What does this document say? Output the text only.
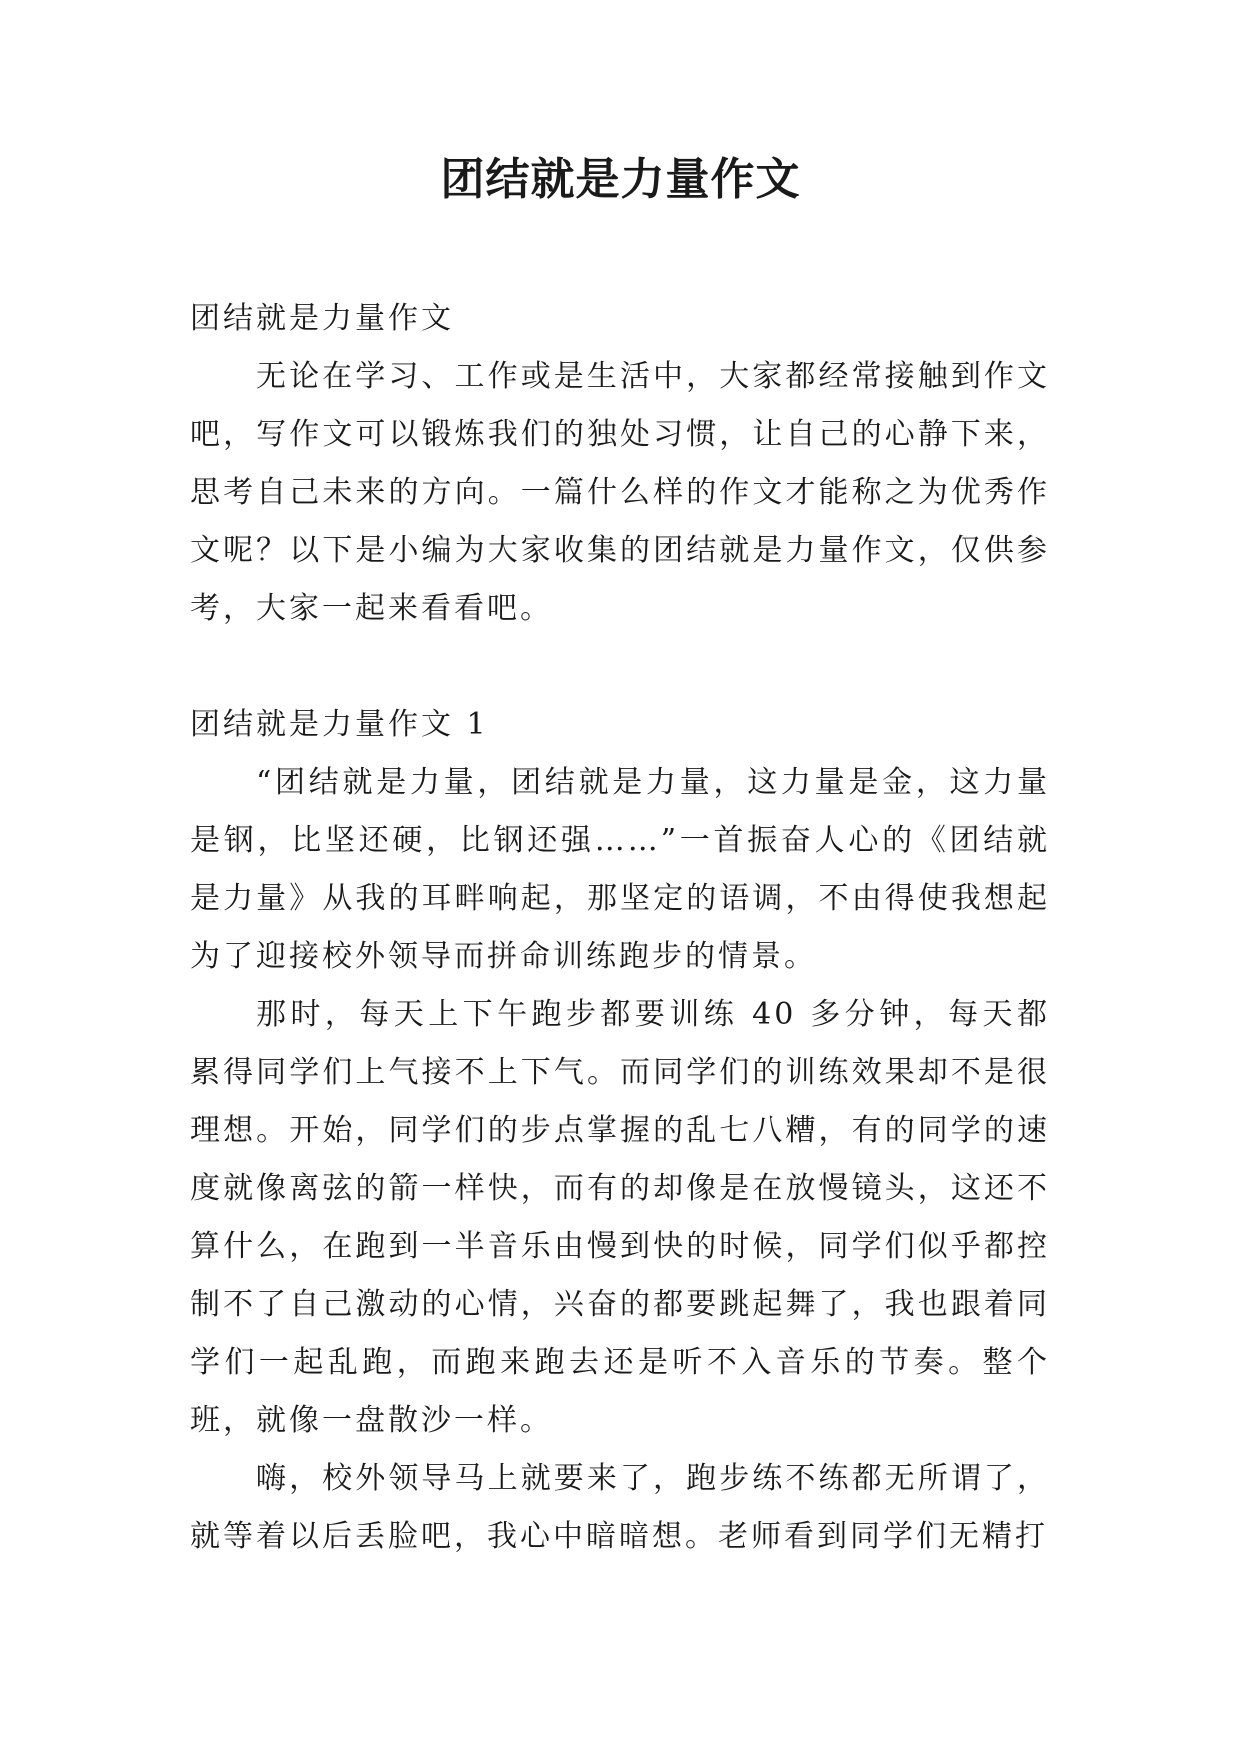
团结就是力量作文

团结就是力量作文

无论在学习、工作或是生活中，大家都经常接触到作文吧，写作文可以锻炼我们的独处习惯，让自己的心静下来，思考自己未来的方向。一篇什么样的作文才能称之为优秀作文呢？以下是小编为大家收集的团结就是力量作文，仅供参考，大家一起来看看吧。

团结就是力量作文 1

“团结就是力量，团结就是力量，这力量是金，这力量是钢，比坚还硬，比钢还强……”一首振奋人心的《团结就是力量》从我的耳畔响起，那坚定的语调，不由得使我想起为了迎接校外领导而拼命训练跑步的情景。

那时，每天上下午跑步都要训练 40 多分钟，每天都累得同学们上气接不上下气。而同学们的训练效果却不是很理想。开始，同学们的步点掌握的乱七八糟，有的同学的速度就像离弦的箭一样快，而有的却像是在放慢镜头，这还不算什么，在跑到一半音乐由慢到快的时候，同学们似乎都控制不了自己激动的心情，兴奋的都要跳起舞了，我也跟着同学们一起乱跑，而跑来跑去还是听不入音乐的节奏。整个班，就像一盘散沙一样。

嗨，校外领导马上就要来了，跑步练不练都无所谓了，就等着以后丢脸吧，我心中暗暗想。老师看到同学们无精打
